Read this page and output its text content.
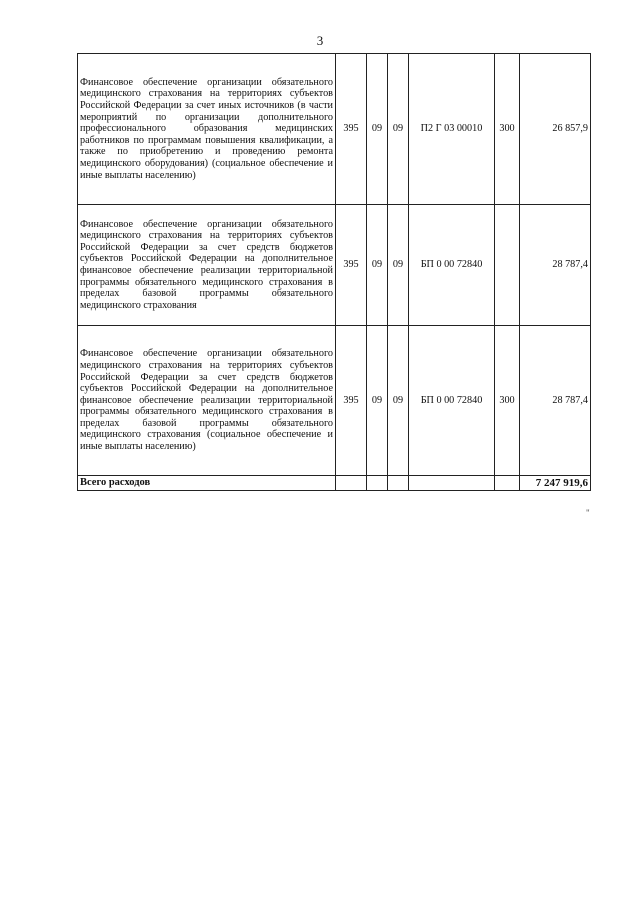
3
Финансовое обеспечение организации обязательного медицинского страхования на территориях субъектов Российской Федерации за счет иных источников (в части мероприятий по организации дополнительного профессионального образования медицинских работников по программам повышения квалификации, а также по приобретению и проведению ремонта медицинского оборудования) (социальное обеспечение и иные выплаты населению)	395	09	09	П2 Г 03 00010	300	26 857,9
Финансовое обеспечение организации обязательного медицинского страхования на территориях субъектов Российской Федерации за счет средств бюджетов субъектов Российской Федерации на дополнительное финансовое обеспечение реализации территориальной программы обязательного медицинского страхования в пределах базовой программы обязательного медицинского страхования	395	09	09	БП 0 00 72840		28 787,4
Финансовое обеспечение организации обязательного медицинского страхования на территориях субъектов Российской Федерации за счет средств бюджетов субъектов Российской Федерации на дополнительное финансовое обеспечение реализации территориальной программы обязательного медицинского страхования в пределах базовой программы обязательного медицинского страхования (социальное обеспечение и иные выплаты населению)	395	09	09	БП 0 00 72840	300	28 787,4
Всего расходов						7 247 919,6
"
